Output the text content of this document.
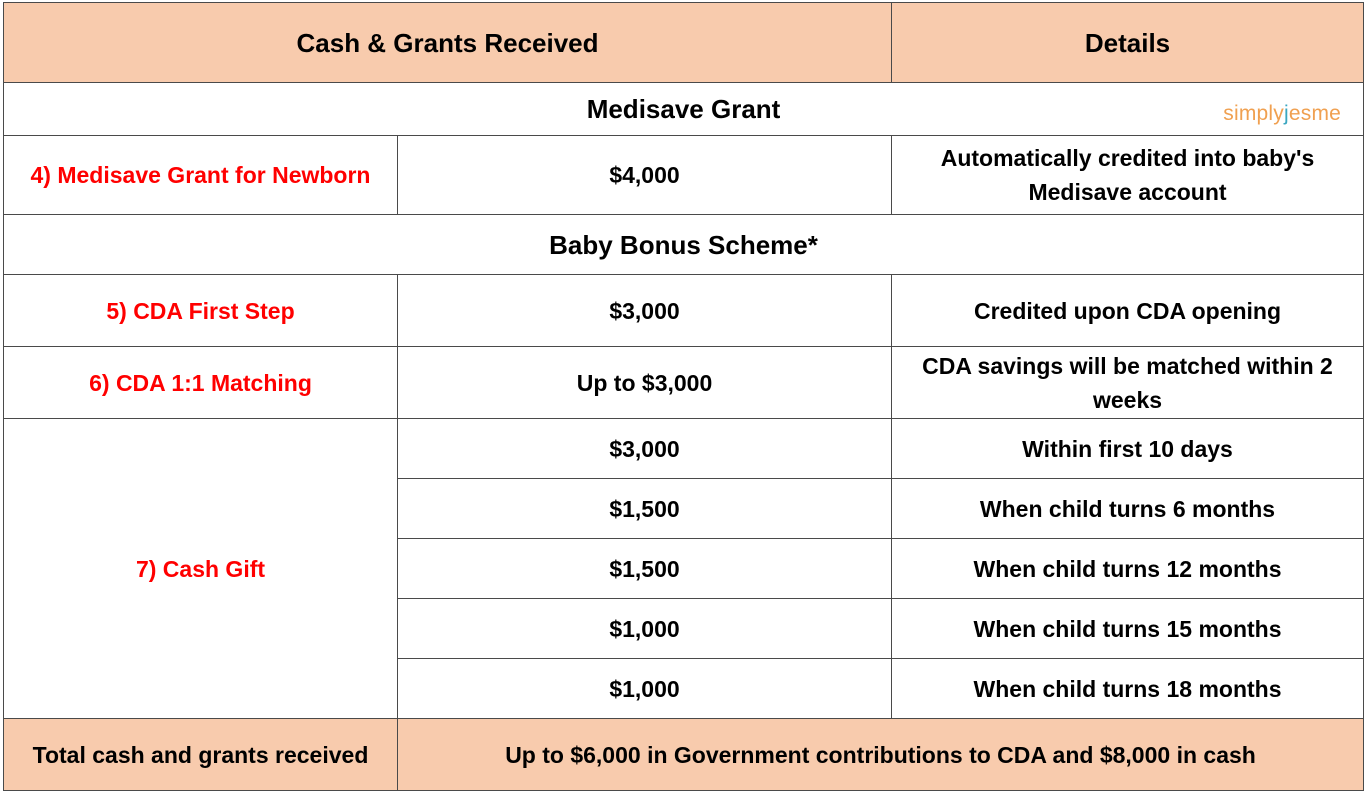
Cash & Grants Received		Details
Medisave Grant simplyjesme		

4) Medisave Grant for Newborn	$4,000	Automatically credited into baby's Medisave account
Baby Bonus Scheme*		
5) CDA First Step	$3,000	Credited upon CDA opening
6) CDA 1:1 Matching	Up to $3,000	CDA savings will be matched within 2 weeks
7) Cash Gift	$3,000	Within first 10 days
	$1,500	When child turns 6 months
	$1,500	When child turns 12 months
	$1,000	When child turns 15 months
	$1,000	When child turns 18 months
Total cash and grants received	Up to $6,000 in Government contributions to CDA and $8,000 in cash	
